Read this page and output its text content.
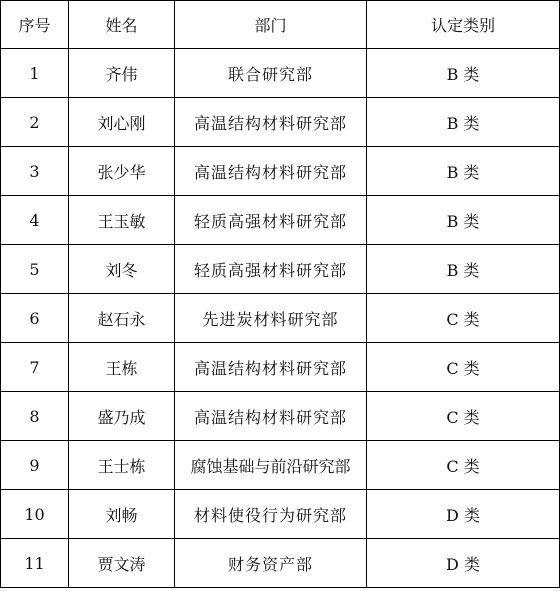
序号	姓名	部门	认定类别
1	齐伟	联合研究部	B 类
2	刘心刚	高温结构材料研究部	B 类
3	张少华	高温结构材料研究部	B 类
4	王玉敏	轻质高强材料研究部	B 类
5	刘冬	轻质高强材料研究部	B 类
6	赵石永	先进炭材料研究部	C 类
7	王栋	高温结构材料研究部	C 类
8	盛乃成	高温结构材料研究部	C 类
9	王士栋	腐蚀基础与前沿研究部	C 类
10	刘畅	材料使役行为研究部	D 类
11	贾文涛	财务资产部	D 类
